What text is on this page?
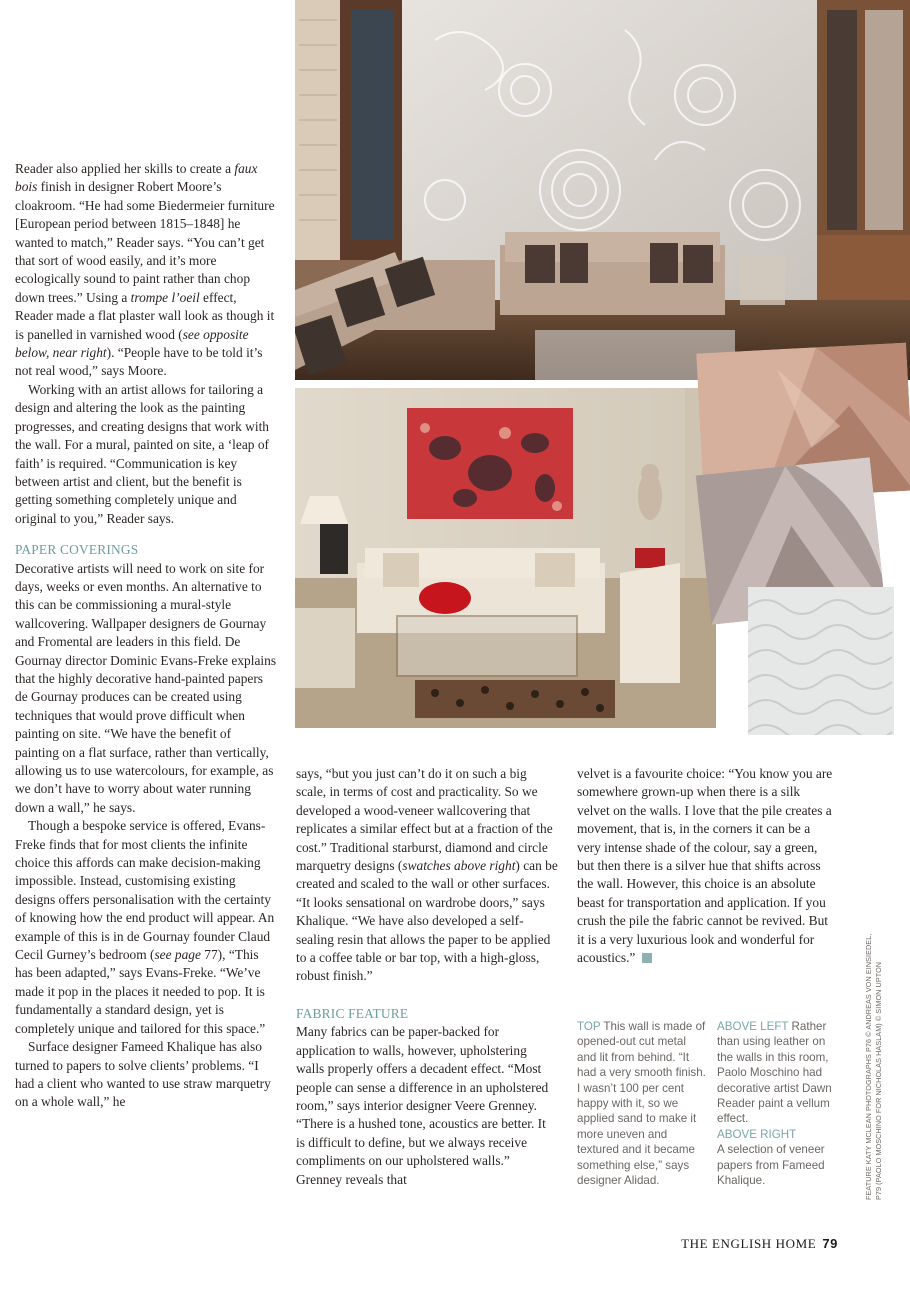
Reader also applied her skills to create a faux bois finish in designer Robert Moore’s cloakroom. “He had some Biedermeier furniture [European period between 1815–1848] he wanted to match,” Reader says. “You can’t get that sort of wood easily, and it’s more ecologically sound to paint rather than chop down trees.” Using a trompe l’oeil effect, Reader made a flat plaster wall look as though it is panelled in varnished wood (see opposite below, near right). “People have to be told it’s not real wood,” says Moore.

Working with an artist allows for tailoring a design and altering the look as the painting progresses, and creating designs that work with the wall. For a mural, painted on site, a ‘leap of faith’ is required. “Communication is key between artist and client, but the benefit is getting something completely unique and original to you,” Reader says.

PAPER COVERINGS

Decorative artists will need to work on site for days, weeks or even months. An alternative to this can be commissioning a mural-style wallcovering. Wallpaper designers de Gournay and Fromental are leaders in this field. De Gournay director Dominic Evans-Freke explains that the highly decorative hand-painted papers de Gournay produces can be created using techniques that would prove difficult when painting on site. “We have the benefit of painting on a flat surface, rather than vertically, allowing us to use watercolours, for example, as we don’t have to worry about water running down a wall,” he says.

Though a bespoke service is offered, Evans-Freke finds that for most clients the infinite choice this affords can make decision-making impossible. Instead, customising existing designs offers personalisation with the certainty of knowing how the end product will appear. An example of this is in de Gournay founder Claud Cecil Gurney’s bedroom (see page 77), “This has been adapted,” says Evans-Freke. “We’ve made it pop in the places it needed to pop. It is fundamentally a standard design, yet is completely unique and tailored for this space.”

Surface designer Fameed Khalique has also turned to papers to solve clients’ problems. “I had a client who wanted to use straw marquetry on a whole wall,” he

says, “but you just can’t do it on such a big scale, in terms of cost and practicality. So we developed a wood-veneer wallcovering that replicates a similar effect but at a fraction of the cost.” Traditional starburst, diamond and circle marquetry designs (swatches above right) can be created and scaled to the wall or other surfaces. “It looks sensational on wardrobe doors,” says Khalique. “We have also developed a self-sealing resin that allows the paper to be applied to a coffee table or bar top, with a high-gloss, robust finish.”

FABRIC FEATURE

Many fabrics can be paper-backed for application to walls, however, upholstering walls properly offers a decadent effect. “Most people can sense a difference in an upholstered room,” says interior designer Veere Grenney. “There is a hushed tone, acoustics are better. It is difficult to define, but we always receive compliments on our upholstered walls.” Grenney reveals that

velvet is a favourite choice: “You know you are somewhere grown-up when there is a silk velvet on the walls. I love that the pile creates a movement, that is, in the corners it can be a very intense shade of the colour, say a green, but then there is a silver hue that shifts across the wall. However, this choice is an absolute beast for transportation and application. If you crush the pile the fabric cannot be revived. But it is a very luxurious look and wonderful for acoustics.”

TOP This wall is made of opened-out cut metal and lit from behind. “It had a very smooth finish. I wasn’t 100 per cent happy with it, so we applied sand to make it more uneven and textured and it became something else,” says designer Alidad.

ABOVE LEFT Rather than using leather on the walls in this room, Paolo Moschino had decorative artist Dawn Reader paint a vellum effect.

ABOVE RIGHT

A selection of veneer papers from Fameed Khalique.	FEATURE KATY MCLEAN PHOTOGRAPHS P76 © ANDREAS VON EINSIEDEL, P79 (PAOLO MOSCHINO FOR NICHOLAS HASLAM) © SIMON UPTON

THE ENGLISH HOME 79
